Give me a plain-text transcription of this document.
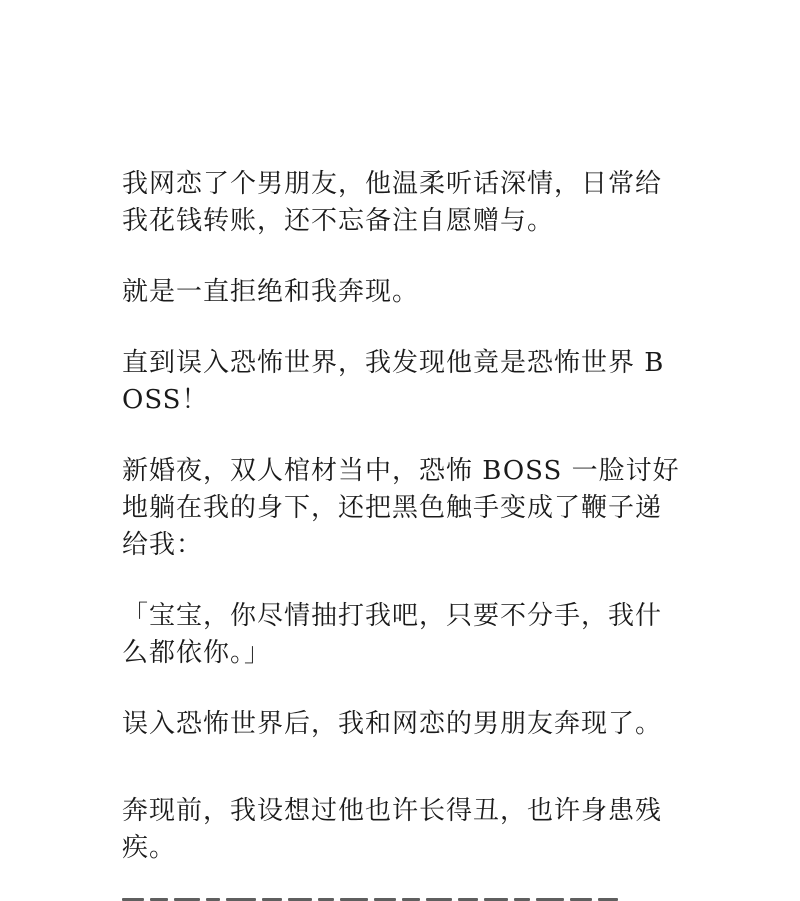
我网恋了个男朋友，他温柔听话深情，日常给我花钱转账，还不忘备注自愿赠与。

就是一直拒绝和我奔现。

直到误入恐怖世界，我发现他竟是恐怖世界 BOSS！

新婚夜，双人棺材当中，恐怖 BOSS 一脸讨好地躺在我的身下，还把黑色触手变成了鞭子递给我：

「宝宝，你尽情抽打我吧，只要不分手，我什么都依你。」

误入恐怖世界后，我和网恋的男朋友奔现了。

奔现前，我设想过他也许长得丑，也许身患残疾。
